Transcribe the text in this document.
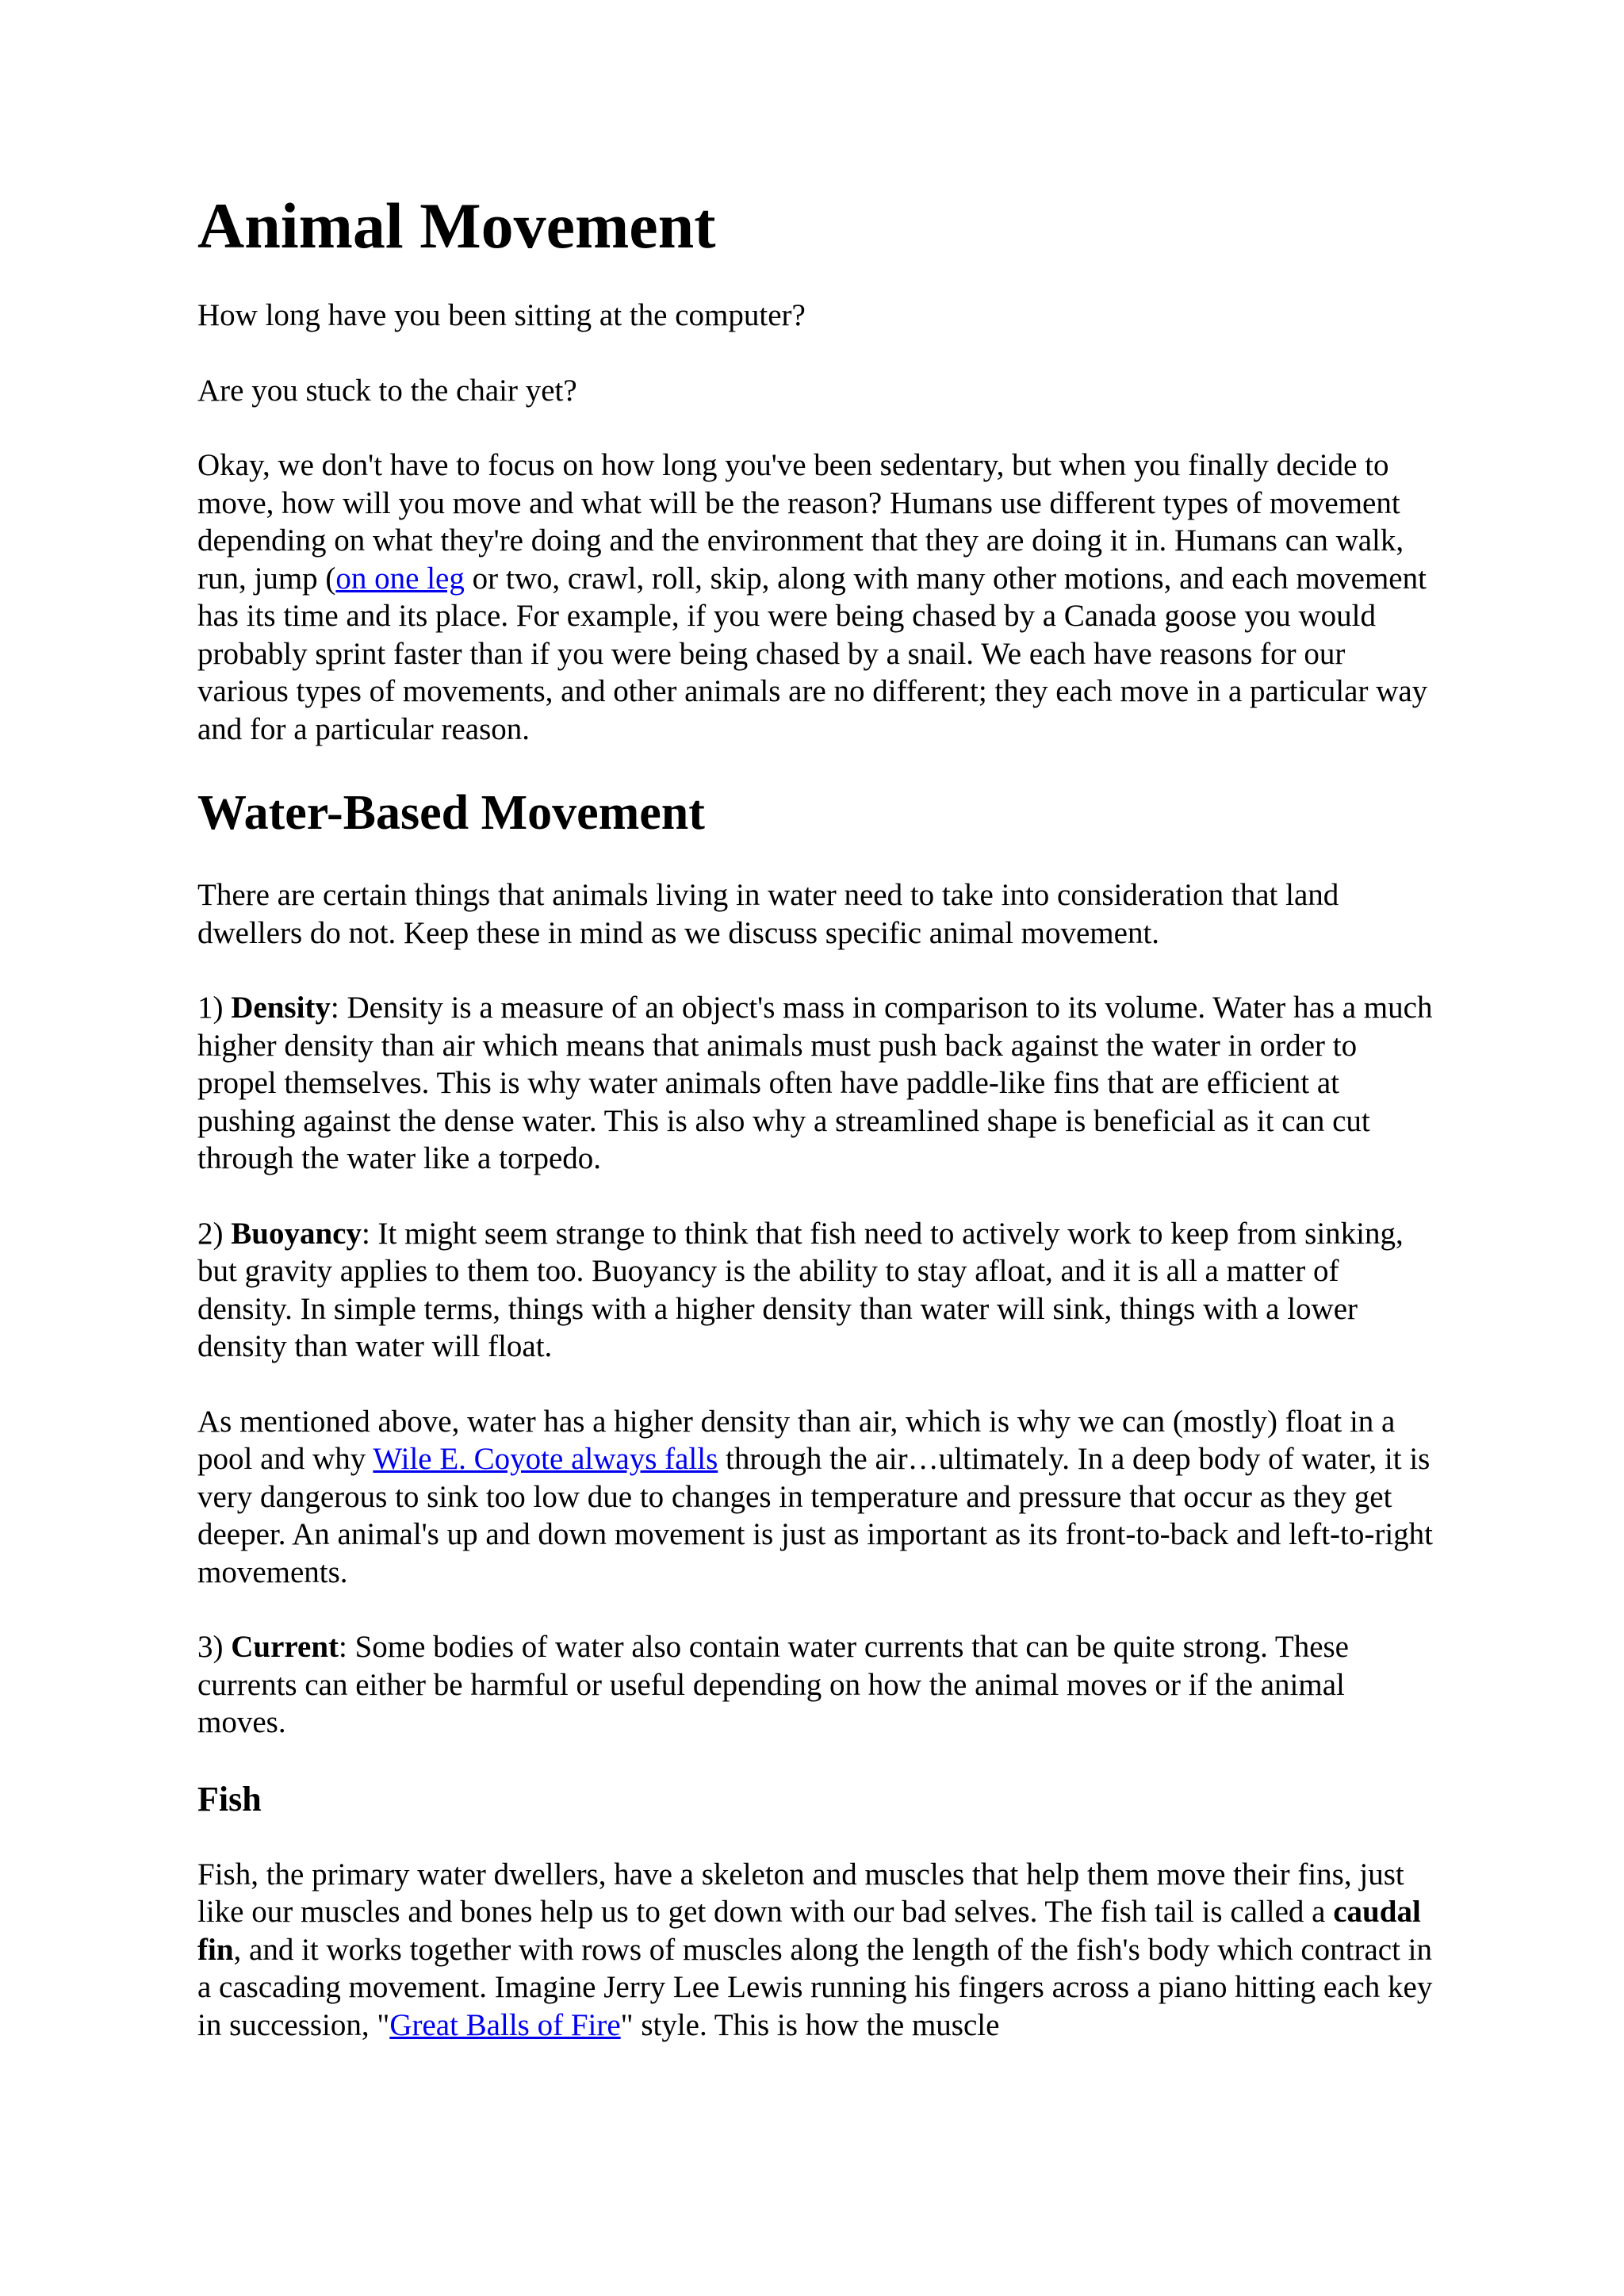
Animal Movement

How long have you been sitting at the computer?

Are you stuck to the chair yet?

Okay, we don't have to focus on how long you've been sedentary, but when you finally decide to move, how will you move and what will be the reason? Humans use different types of movement depending on what they're doing and the environment that they are doing it in. Humans can walk, run, jump (on one leg or two, crawl, roll, skip, along with many other motions, and each movement has its time and its place. For example, if you were being chased by a Canada goose you would probably sprint faster than if you were being chased by a snail. We each have reasons for our various types of movements, and other animals are no different; they each move in a particular way and for a particular reason.

Water-Based Movement

There are certain things that animals living in water need to take into consideration that land dwellers do not. Keep these in mind as we discuss specific animal movement.

1) Density: Density is a measure of an object's mass in comparison to its volume. Water has a much higher density than air which means that animals must push back against the water in order to propel themselves. This is why water animals often have paddle-like fins that are efficient at pushing against the dense water. This is also why a streamlined shape is beneficial as it can cut through the water like a torpedo.

2) Buoyancy: It might seem strange to think that fish need to actively work to keep from sinking, but gravity applies to them too. Buoyancy is the ability to stay afloat, and it is all a matter of density. In simple terms, things with a higher density than water will sink, things with a lower density than water will float.

As mentioned above, water has a higher density than air, which is why we can (mostly) float in a pool and why Wile E. Coyote always falls through the air…ultimately. In a deep body of water, it is very dangerous to sink too low due to changes in temperature and pressure that occur as they get deeper. An animal's up and down movement is just as important as its front-to-back and left-to-right movements.

3) Current: Some bodies of water also contain water currents that can be quite strong. These currents can either be harmful or useful depending on how the animal moves or if the animal moves.

Fish

Fish, the primary water dwellers, have a skeleton and muscles that help them move their fins, just like our muscles and bones help us to get down with our bad selves. The fish tail is called a caudal fin, and it works together with rows of muscles along the length of the fish's body which contract in a cascading movement. Imagine Jerry Lee Lewis running his fingers across a piano hitting each key in succession, "Great Balls of Fire" style. This is how the muscle
